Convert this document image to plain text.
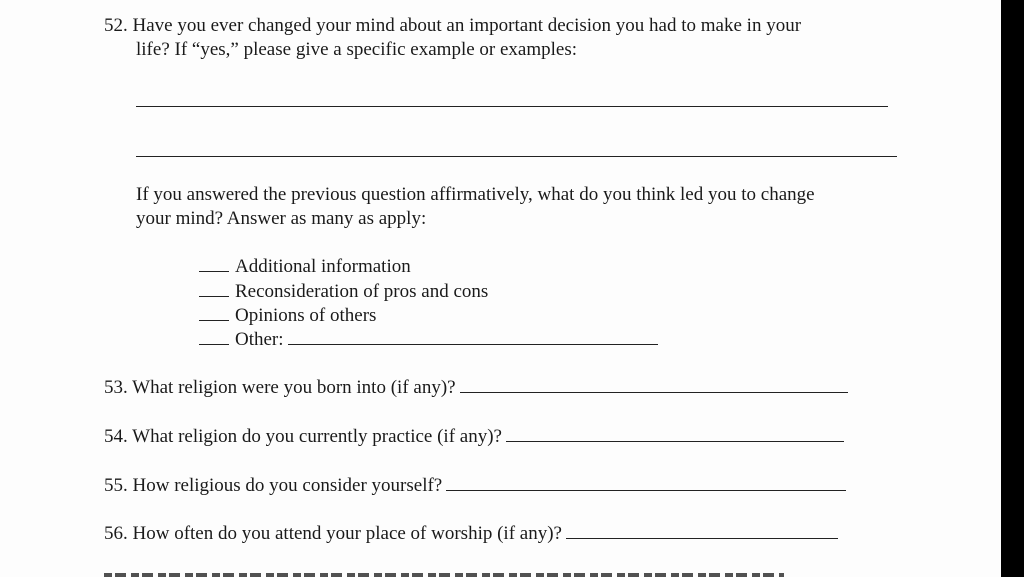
52. Have you ever changed your mind about an important decision you had to make in your
life? If “yes,” please give a specific example or examples:
If you answered the previous question affirmatively, what do you think led you to change
your mind? Answer as many as apply:
Additional information
Reconsideration of pros and cons
Opinions of others
Other:
53. What religion were you born into (if any)?
54. What religion do you currently practice (if any)?
55. How religious do you consider yourself?
56. How often do you attend your place of worship (if any)?
